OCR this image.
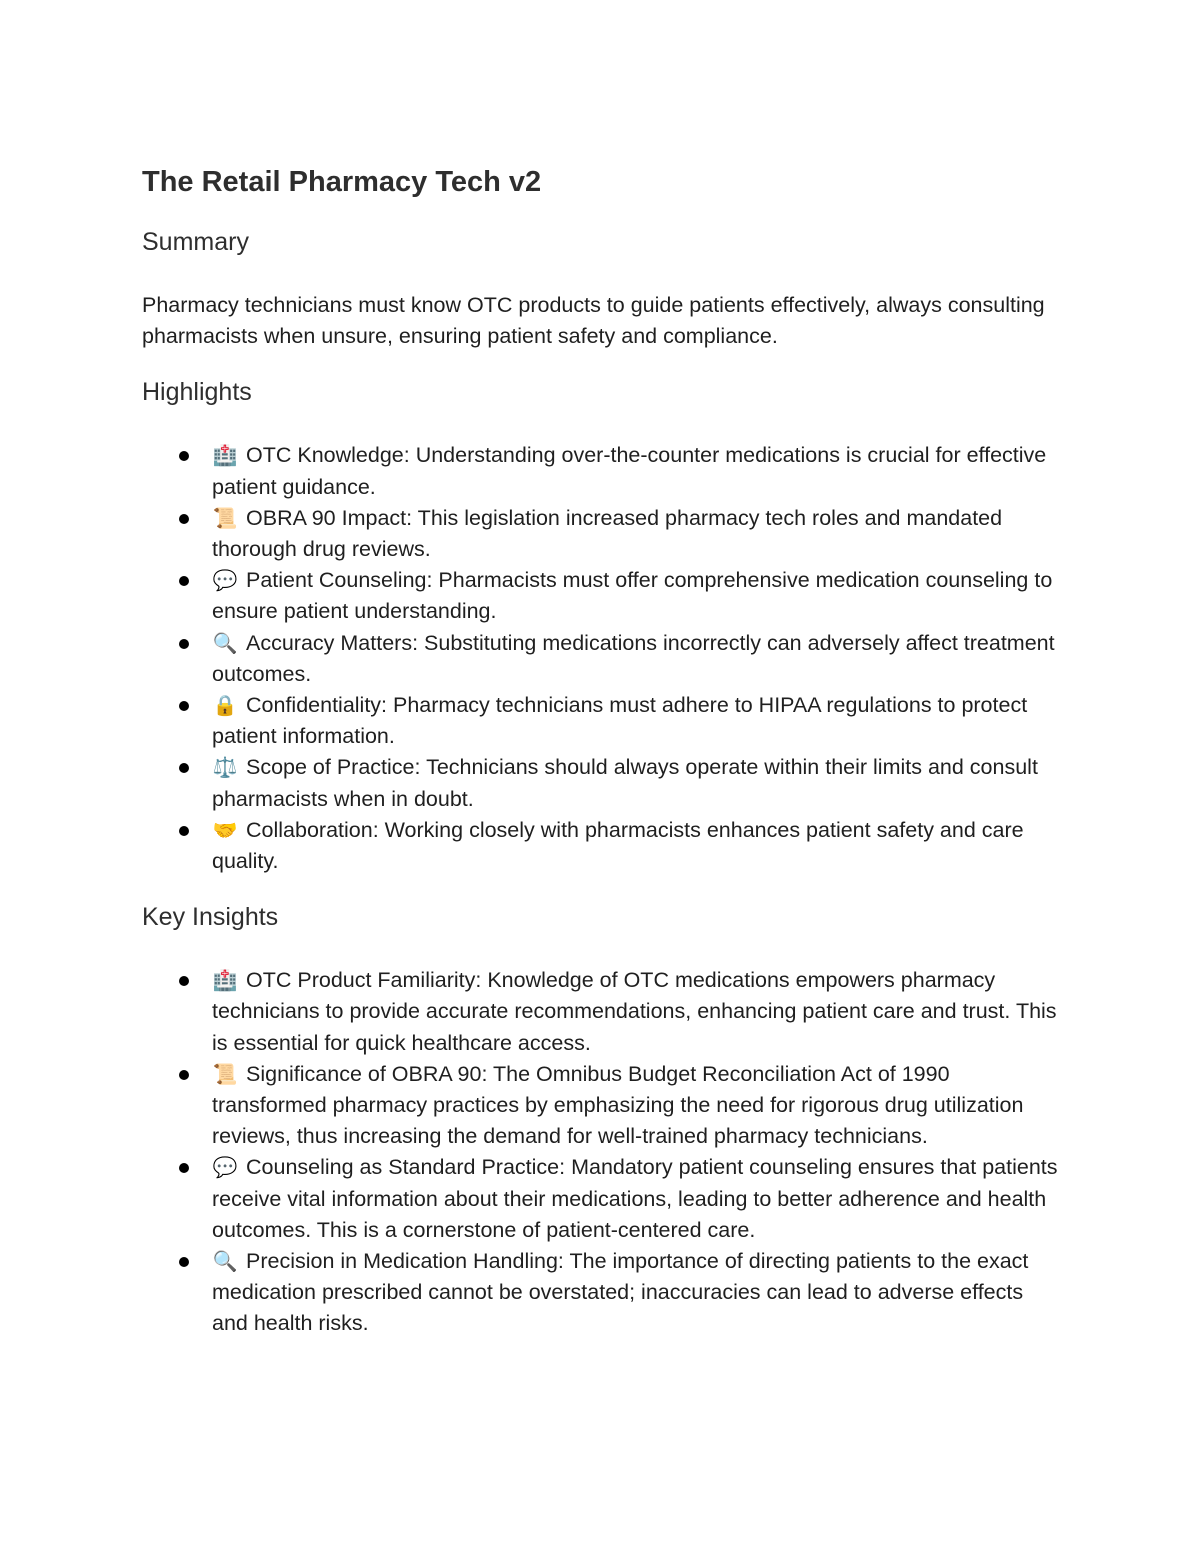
The Retail Pharmacy Tech v2
Summary

Pharmacy technicians must know OTC products to guide patients effectively, always consulting pharmacists when unsure, ensuring patient safety and compliance.

Highlights
🏥 OTC Knowledge: Understanding over-the-counter medications is crucial for effective patient guidance.
📜 OBRA 90 Impact: This legislation increased pharmacy tech roles and mandated thorough drug reviews.
💬 Patient Counseling: Pharmacists must offer comprehensive medication counseling to ensure patient understanding.
🔍 Accuracy Matters: Substituting medications incorrectly can adversely affect treatment outcomes.
🔒 Confidentiality: Pharmacy technicians must adhere to HIPAA regulations to protect patient information.
⚖️ Scope of Practice: Technicians should always operate within their limits and consult pharmacists when in doubt.
🤝 Collaboration: Working closely with pharmacists enhances patient safety and care quality.
Key Insights
🏥 OTC Product Familiarity: Knowledge of OTC medications empowers pharmacy technicians to provide accurate recommendations, enhancing patient care and trust. This is essential for quick healthcare access.
📜 Significance of OBRA 90: The Omnibus Budget Reconciliation Act of 1990 transformed pharmacy practices by emphasizing the need for rigorous drug utilization reviews, thus increasing the demand for well-trained pharmacy technicians.
💬 Counseling as Standard Practice: Mandatory patient counseling ensures that patients receive vital information about their medications, leading to better adherence and health outcomes. This is a cornerstone of patient-centered care.
🔍 Precision in Medication Handling: The importance of directing patients to the exact medication prescribed cannot be overstated; inaccuracies can lead to adverse effects and health risks.
